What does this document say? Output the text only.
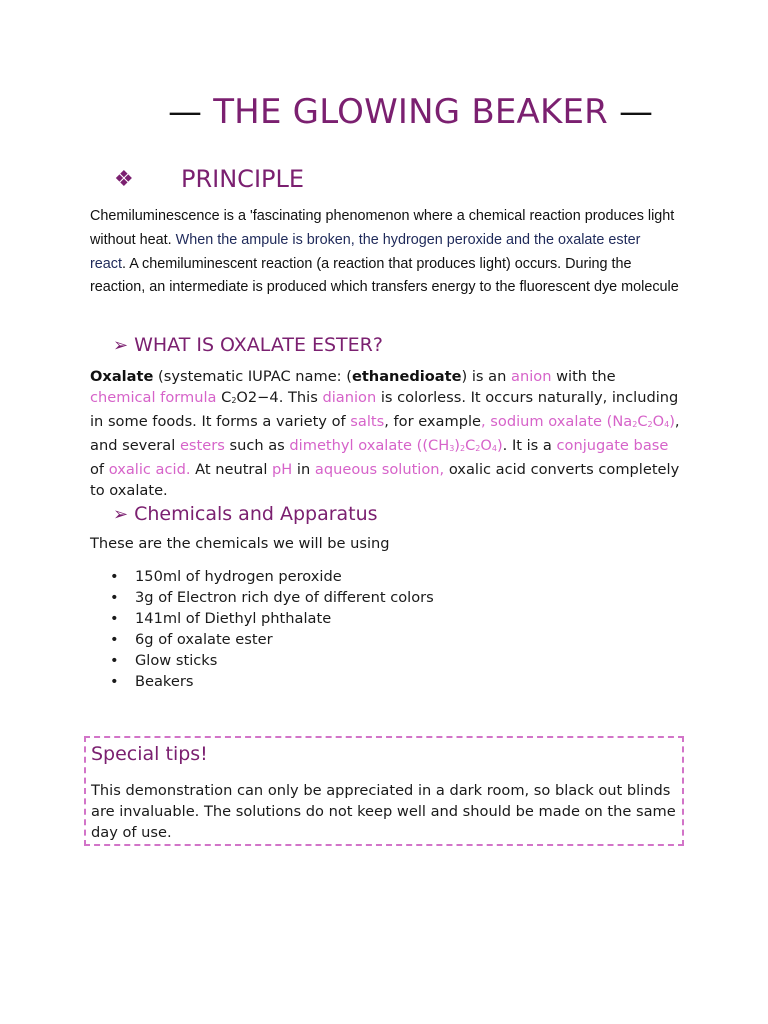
— THE GLOWING BEAKER —
❖ PRINCIPLE

Chemiluminescence is a 'fascinating phenomenon where a chemical reaction produces light without heat. When the ampule is broken, the hydrogen peroxide and the oxalate ester react. A chemiluminescent reaction (a reaction that produces light) occurs. During the reaction, an intermediate is produced which transfers energy to the fluorescent dye molecule

➢ WHAT IS OXALATE ESTER?

Oxalate (systematic IUPAC name: (ethanedioate) is an anion with the chemical formula $C_2O2-4$. This dianion is colorless. It occurs naturally, including in some foods. It forms a variety of salts, for example, sodium oxalate $(Na_2C_2O_4)$, and several esters such as dimethyl oxalate $((CH_3)_2C_2O_4)$. It is a conjugate base of oxalic acid. At neutral pH in aqueous solution, oxalic acid converts completely to oxalate.

➢ Chemicals and Apparatus

These are the chemicals we will be using

• 150ml of hydrogen peroxide
• 3g of Electron rich dye of different colors
• 141ml of Diethyl phthalate
• 6g of oxalate ester
• Glow sticks
• Beakers
Special tips!

This demonstration can only be appreciated in a dark room, so black out blinds are invaluable. The solutions do not keep well and should be made on the same day of use.
